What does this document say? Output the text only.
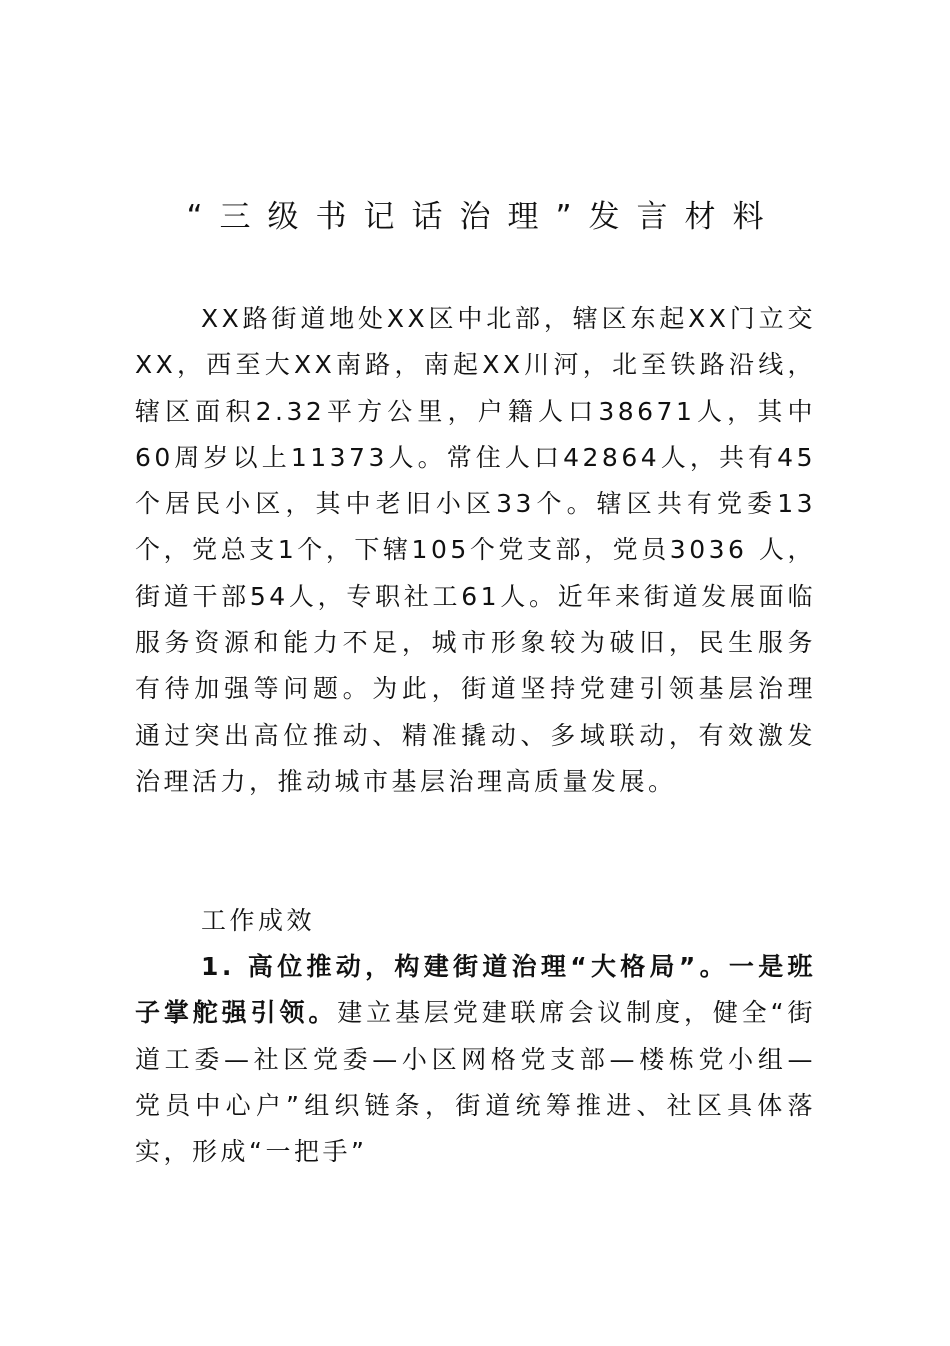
“三级书记话治理”发言材料

XX路街道地处XX区中北部，辖区东起XX门立交XX，西至大XX南路，南起XX川河，北至铁路沿线，辖区面积2.32平方公里，户籍人口38671人，其中60周岁以上11373人。常住人口42864人，共有45个居民小区，其中老旧小区33个。辖区共有党委13个，党总支1个，下辖105个党支部，党员3036 人，街道干部54人，专职社工61人。近年来街道发展面临服务资源和能力不足，城市形象较为破旧，民生服务有待加强等问题。为此，街道坚持党建引领基层治理通过突出高位推动、精准撬动、多域联动，有效激发治理活力，推动城市基层治理高质量发展。

工作成效

1. 高位推动，构建街道治理“大格局”。一是班子掌舵强引领。建立基层党建联席会议制度，健全“街道工委—社区党委—小区网格党支部—楼栋党小组—党员中心户”组织链条，街道统筹推进、社区具体落实，形成“一把手”
